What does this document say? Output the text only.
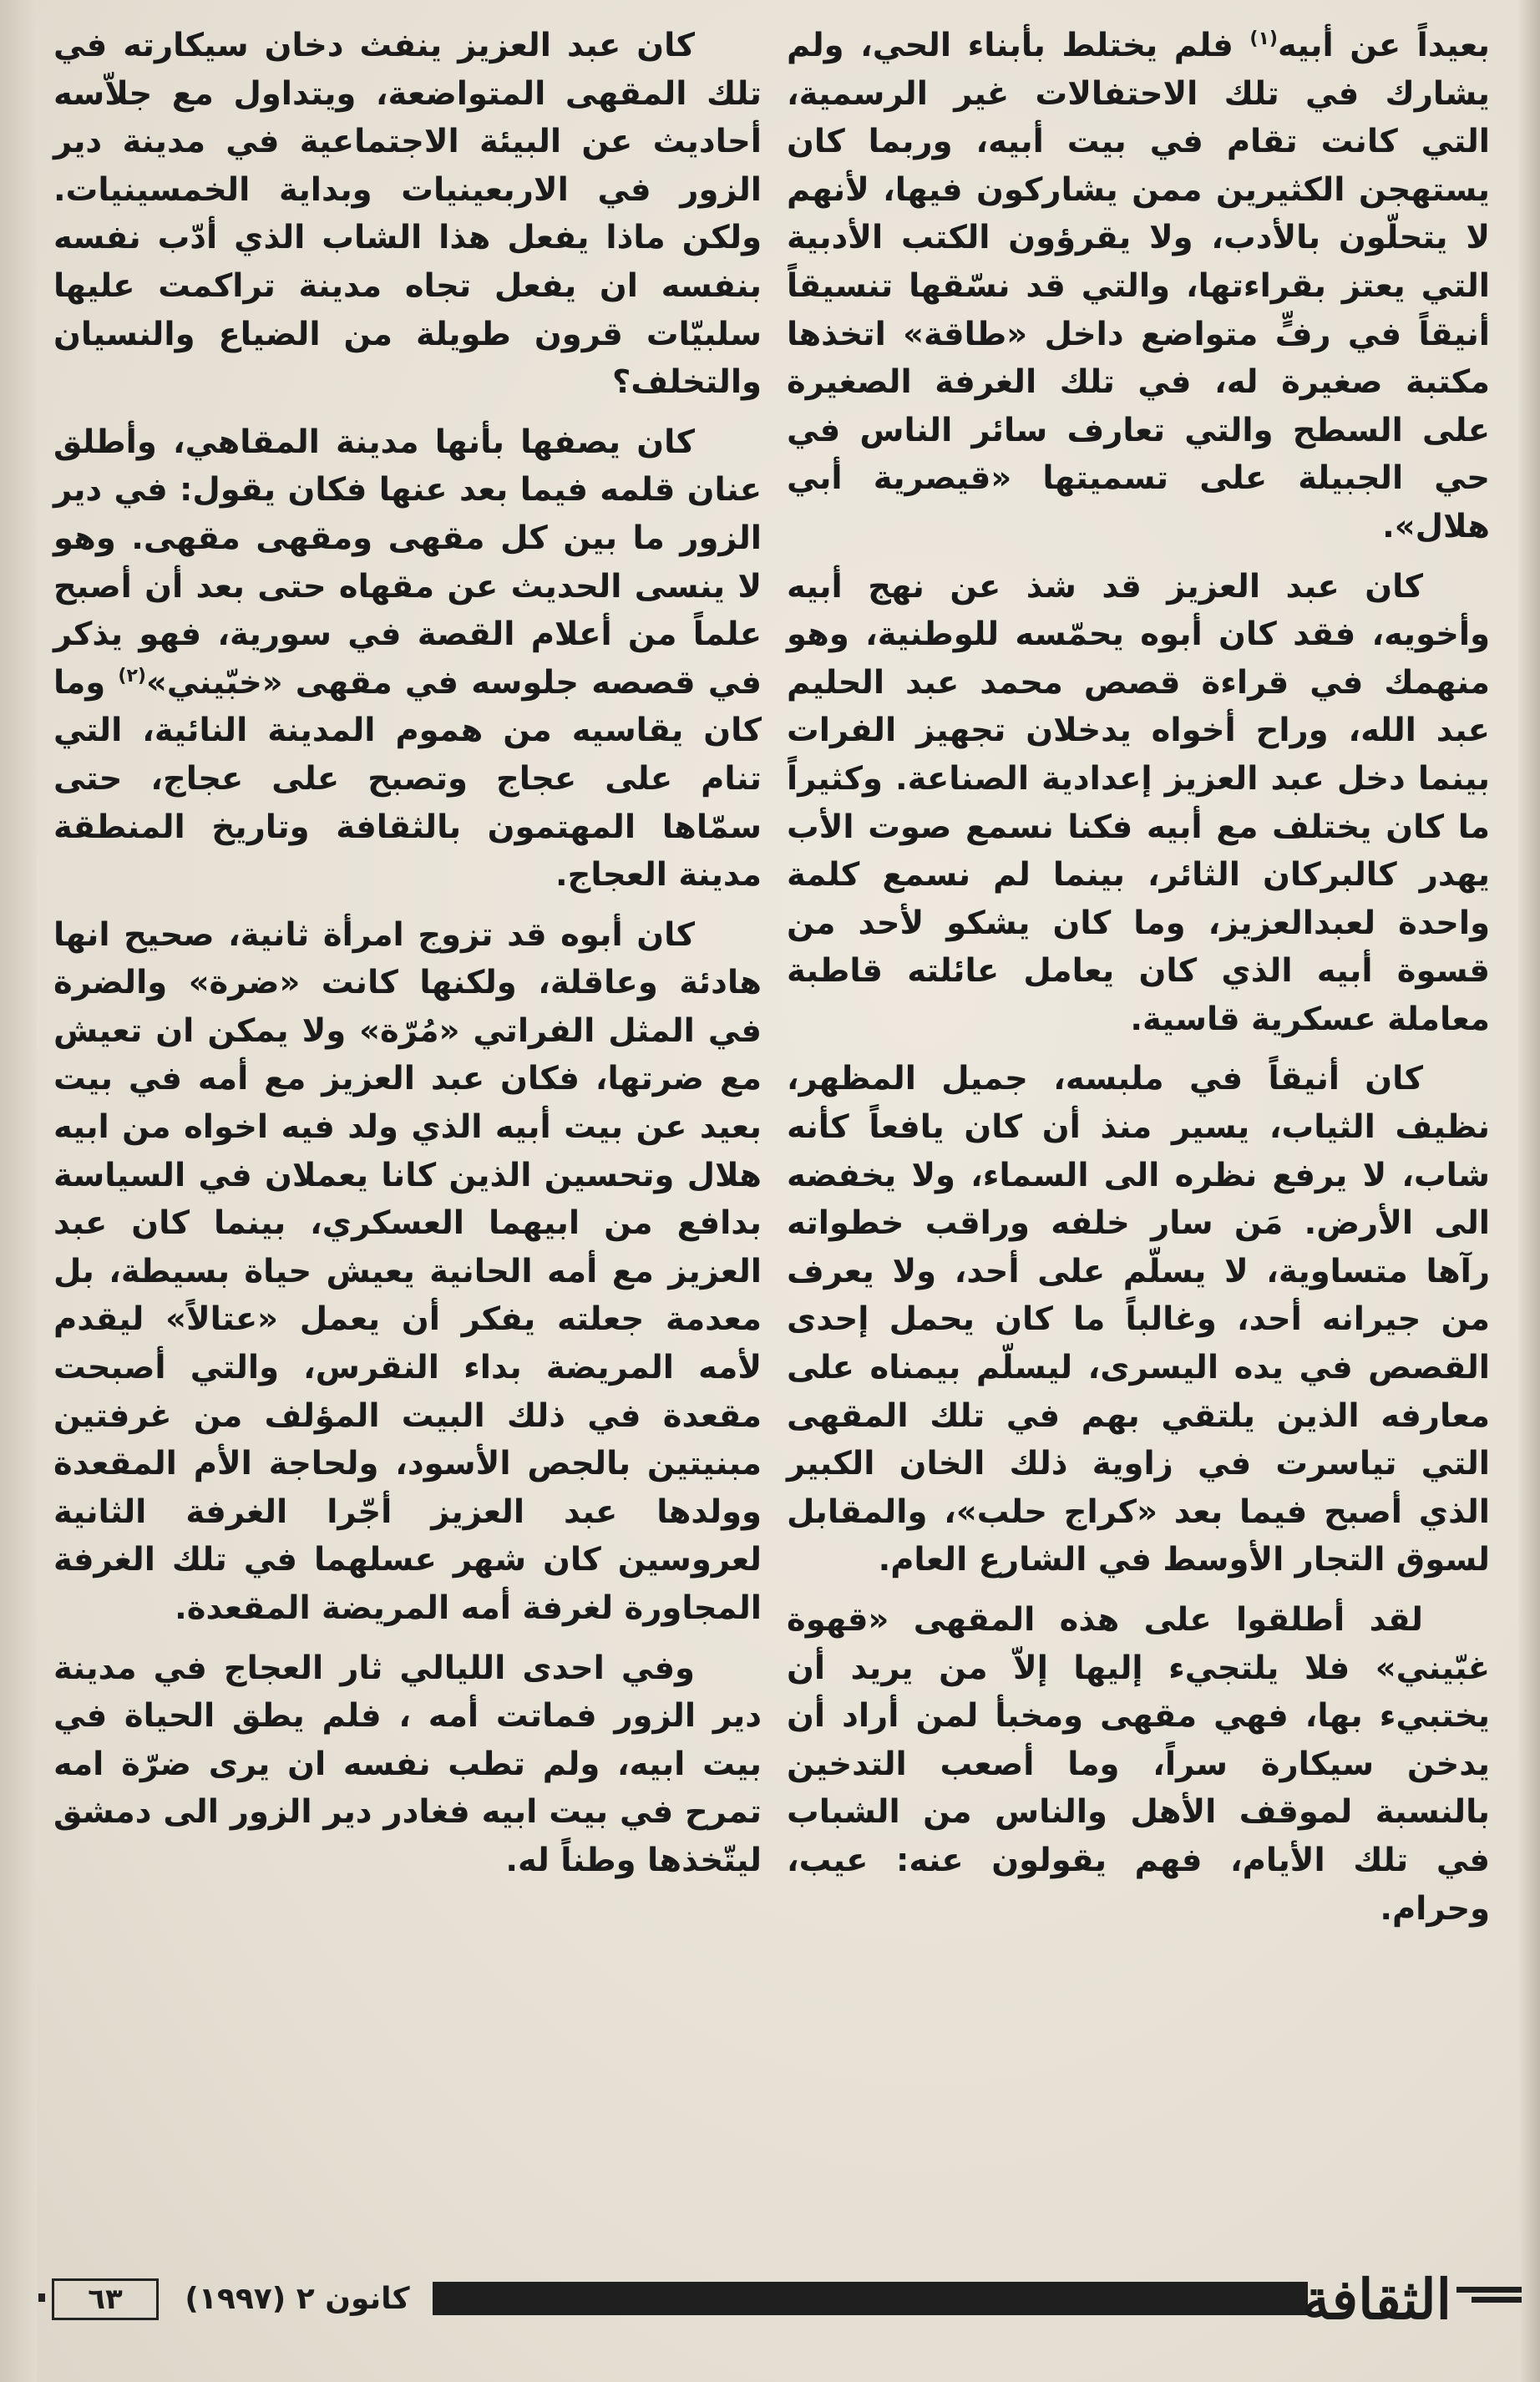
بعيداً عن أبيه$^{(١)}$ فلم يختلط بأبناء الحي، ولم يشارك في تلك الاحتفالات غير الرسمية، التي كانت تقام في بيت أبيه، وربما كان يستهجن الكثيرين ممن يشاركون فيها، لأنهم لا يتحلّون بالأدب، ولا يقرؤون الكتب الأدبية التي يعتز بقراءتها، والتي قد نسّقها تنسيقاً أنيقاً في رفٍّ متواضع داخل «طاقة» اتخذها مكتبة صغيرة له، في تلك الغرفة الصغيرة على السطح والتي تعارف سائر الناس في حي الجبيلة على تسميتها «قيصرية أبي هلال».

كان عبد العزيز قد شذ عن نهج أبيه وأخويه، فقد كان أبوه يحمّسه للوطنية، وهو منهمك في قراءة قصص محمد عبد الحليم عبد الله، وراح أخواه يدخلان تجهيز الفرات بينما دخل عبد العزيز إعدادية الصناعة. وكثيراً ما كان يختلف مع أبيه فكنا نسمع صوت الأب يهدر كالبركان الثائر، بينما لم نسمع كلمة واحدة لعبدالعزيز، وما كان يشكو لأحد من قسوة أبيه الذي كان يعامل عائلته قاطبة معاملة عسكرية قاسية.

كان أنيقاً في ملبسه، جميل المظهر، نظيف الثياب، يسير منذ أن كان يافعاً كأنه شاب، لا يرفع نظره الى السماء، ولا يخفضه الى الأرض. مَن سار خلفه وراقب خطواته رآها متساوية، لا يسلّم على أحد، ولا يعرف من جيرانه أحد، وغالباً ما كان يحمل إحدى القصص في يده اليسرى، ليسلّم بيمناه على معارفه الذين يلتقي بهم في تلك المقهى التي تياسرت في زاوية ذلك الخان الكبير الذي أصبح فيما بعد «كراج حلب»، والمقابل لسوق التجار الأوسط في الشارع العام.

لقد أطلقوا على هذه المقهى «قهوة غبّيني» فلا يلتجيء إليها إلاّ من يريد أن يختبيء بها، فهي مقهى ومخبأ لمن أراد أن يدخن سيكارة سراً، وما أصعب التدخين بالنسبة لموقف الأهل والناس من الشباب في تلك الأيام، فهم يقولون عنه: عيب، وحرام.

كان عبد العزيز ينفث دخان سيكارته في تلك المقهى المتواضعة، ويتداول مع جلاّسه أحاديث عن البيئة الاجتماعية في مدينة دير الزور في الاربعينيات وبداية الخمسينيات. ولكن ماذا يفعل هذا الشاب الذي أدّب نفسه بنفسه ان يفعل تجاه مدينة تراكمت عليها سلبيّات قرون طويلة من الضياع والنسيان والتخلف؟

كان يصفها بأنها مدينة المقاهي، وأطلق عنان قلمه فيما بعد عنها فكان يقول: في دير الزور ما بين كل مقهى ومقهى مقهى. وهو لا ينسى الحديث عن مقهاه حتى بعد أن أصبح علماً من أعلام القصة في سورية، فهو يذكر في قصصه جلوسه في مقهى «خبّيني»$^{(٢)}$ وما كان يقاسيه من هموم المدينة النائية، التي تنام على عجاج وتصبح على عجاج، حتى سمّاها المهتمون بالثقافة وتاريخ المنطقة مدينة العجاج.

كان أبوه قد تزوج امرأة ثانية، صحيح انها هادئة وعاقلة، ولكنها كانت «ضرة» والضرة في المثل الفراتي «مُرّة» ولا يمكن ان تعيش مع ضرتها، فكان عبد العزيز مع أمه في بيت بعيد عن بيت أبيه الذي ولد فيه اخواه من ابيه هلال وتحسين الذين كانا يعملان في السياسة بدافع من ابيهما العسكري، بينما كان عبد العزيز مع أمه الحانية يعيش حياة بسيطة، بل معدمة جعلته يفكر أن يعمل «عتالاً» ليقدم لأمه المريضة بداء النقرس، والتي أصبحت مقعدة في ذلك البيت المؤلف من غرفتين مبنيتين بالجص الأسود، ولحاجة الأم المقعدة وولدها عبد العزيز أجّرا الغرفة الثانية لعروسين كان شهر عسلهما في تلك الغرفة المجاورة لغرفة أمه المريضة المقعدة.

وفي احدى الليالي ثار العجاج في مدينة دير الزور فماتت أمه ، فلم يطق الحياة في بيت ابيه، ولم تطب نفسه ان يرى ضرّة امه تمرح في بيت ابيه فغادر دير الزور الى دمشق ليتّخذها وطناً له.

٦٣	كانون ٢ (١٩٩٧)	الثقافة
